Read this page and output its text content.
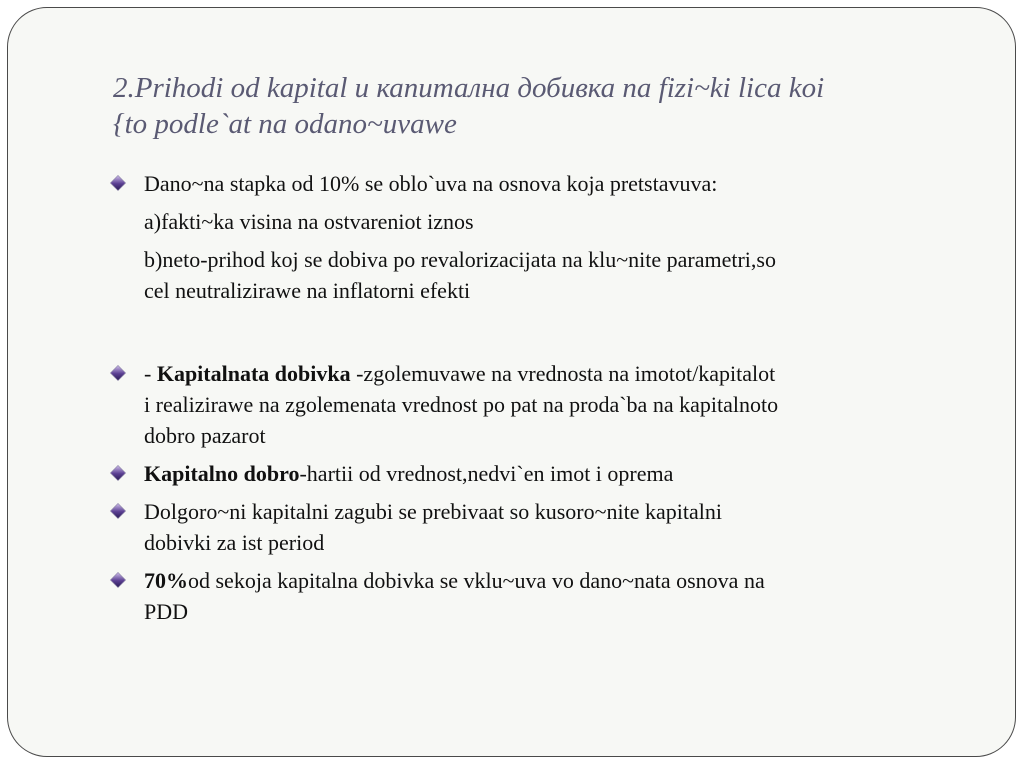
2.Prihodi od kapital и капитална добивка na fizi~ki lica koi
{to podle`at na odano~uvawe

Dano~na stapka od 10% se oblo`uva na osnova koja pretstavuva:

a)fakti~ka visina na ostvareniot iznos

b)neto-prihod koj se dobiva po revalorizacijata na klu~nite parametri,so
cel neutralizirawe na inflatorni efekti

- Kapitalnata dobivka -zgolemuvawe na vrednosta na imotot/kapitalot
i realizirawe na zgolemenata vrednost po pat na proda`ba na kapitalnoto
dobro pazarot

Kapitalno dobro-hartii od vrednost,nedvi`en imot i oprema

Dolgoro~ni kapitalni zagubi se prebivaat so kusoro~nite kapitalni
dobivki za ist period

70%od sekoja kapitalna dobivka se vklu~uva vo dano~nata osnova na
PDD
